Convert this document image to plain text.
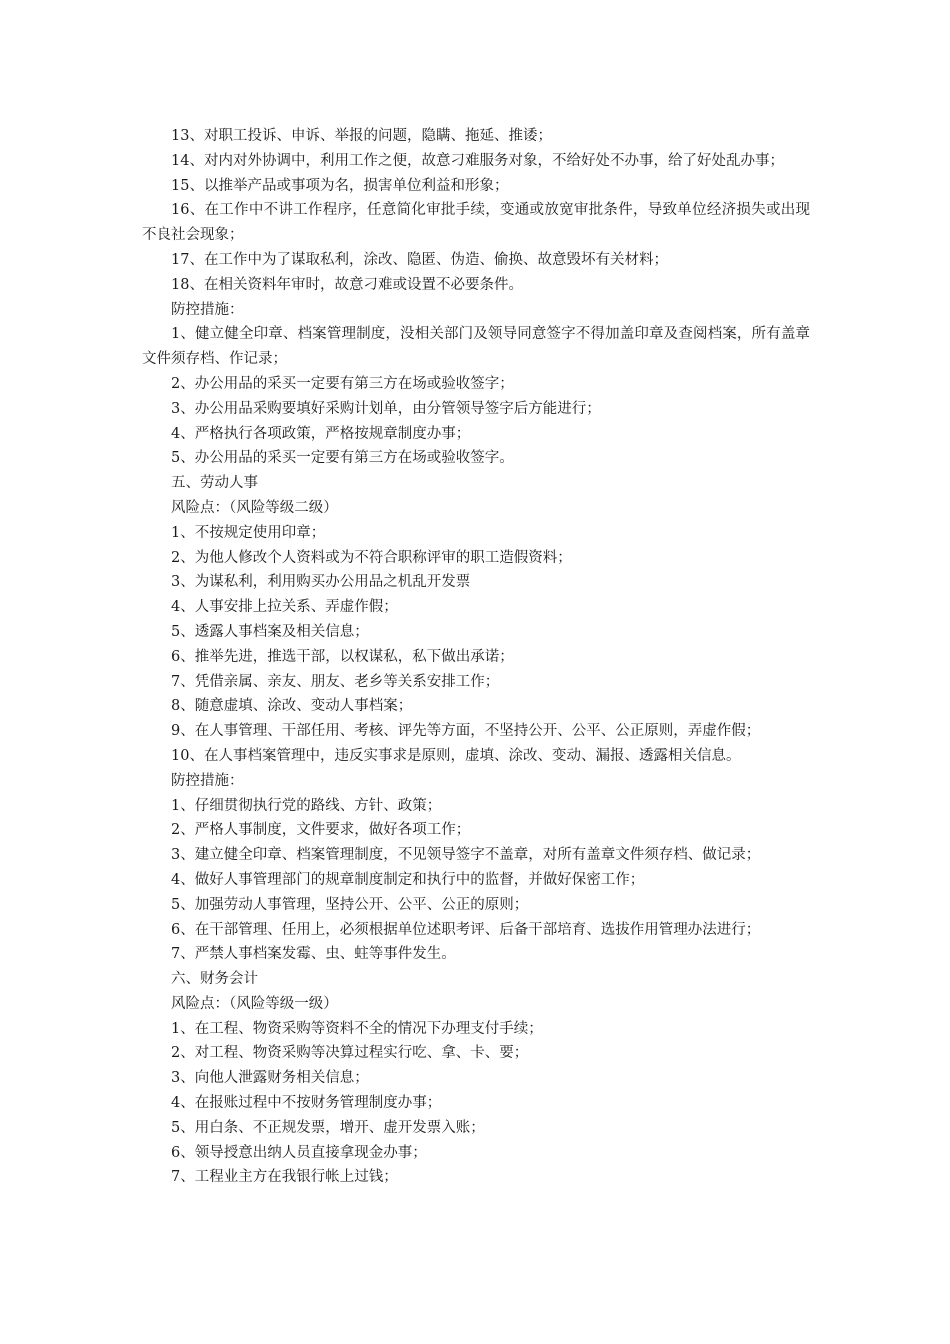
13、对职工投诉、申诉、举报的问题，隐瞒、拖延、推诿；

14、对内对外协调中，利用工作之便，故意刁难服务对象，不给好处不办事，给了好处乱办事；

15、以推举产品或事项为名，损害单位利益和形象；

16、在工作中不讲工作程序，任意简化审批手续，变通或放宽审批条件，导致单位经济损失或出现不良社会现象；

17、在工作中为了谋取私利，涂改、隐匿、伪造、偷换、故意毁坏有关材料；

18、在相关资料年审时，故意刁难或设置不必要条件。

防控措施：

1、健立健全印章、档案管理制度，没相关部门及领导同意签字不得加盖印章及查阅档案，所有盖章文件须存档、作记录；

2、办公用品的采买一定要有第三方在场或验收签字；

3、办公用品采购要填好采购计划单，由分管领导签字后方能进行；

4、严格执行各项政策，严格按规章制度办事；

5、办公用品的采买一定要有第三方在场或验收签字。

五、劳动人事

风险点：（风险等级二级）

1、不按规定使用印章；

2、为他人修改个人资料或为不符合职称评审的职工造假资料；

3、为谋私利，利用购买办公用品之机乱开发票

4、人事安排上拉关系、弄虚作假；

5、透露人事档案及相关信息；

6、推举先进，推选干部，以权谋私，私下做出承诺；

7、凭借亲属、亲友、朋友、老乡等关系安排工作；

8、随意虚填、涂改、变动人事档案；

9、在人事管理、干部任用、考核、评先等方面，不坚持公开、公平、公正原则，弄虚作假；

10、在人事档案管理中，违反实事求是原则，虚填、涂改、变动、漏报、透露相关信息。

防控措施：

1、仔细贯彻执行党的路线、方针、政策；

2、严格人事制度，文件要求，做好各项工作；

3、建立健全印章、档案管理制度，不见领导签字不盖章，对所有盖章文件须存档、做记录；

4、做好人事管理部门的规章制度制定和执行中的监督，并做好保密工作；

5、加强劳动人事管理，坚持公开、公平、公正的原则；

6、在干部管理、任用上，必须根据单位述职考评、后备干部培育、选拔作用管理办法进行；

7、严禁人事档案发霉、虫、蛀等事件发生。

六、财务会计

风险点：（风险等级一级）

1、在工程、物资采购等资料不全的情况下办理支付手续；

2、对工程、物资采购等决算过程实行吃、拿、卡、要；

3、向他人泄露财务相关信息；

4、在报账过程中不按财务管理制度办事；

5、用白条、不正规发票，增开、虚开发票入账；

6、领导授意出纳人员直接拿现金办事；

7、工程业主方在我银行帐上过钱；
